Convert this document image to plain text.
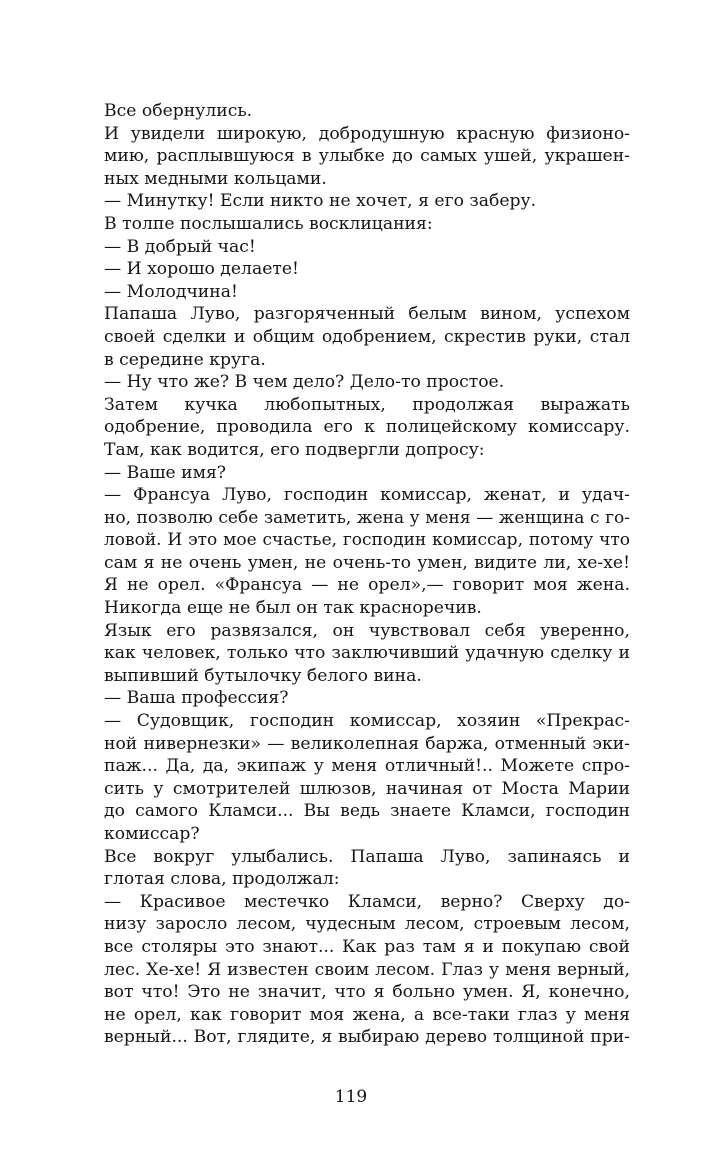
Все обернулись.
И увидели широкую, добродушную красную физионо-
мию, расплывшуюся в улыбке до самых ушей, украшен-
ных медными кольцами.
— Минутку! Если никто не хочет, я его заберу.
В толпе послышались восклицания:
— В добрый час!
— И хорошо делаете!
— Молодчина!
Папаша Луво, разгоряченный белым вином, успехом
своей сделки и общим одобрением, скрестив руки, стал
в середине круга.
— Ну что же? В чем дело? Дело-то простое.
Затем кучка любопытных, продолжая выражать
одобрение, проводила его к полицейскому комиссару.
Там, как водится, его подвергли допросу:
— Ваше имя?
— Франсуа Луво, господин комиссар, женат, и удач-
но, позволю себе заметить, жена у меня — женщина с го-
ловой. И это мое счастье, господин комиссар, потому что
сам я не очень умен, не очень-то умен, видите ли, хе-хе!
Я не орел. «Франсуа — не орел»,— говорит моя жена.
Никогда еще не был он так красноречив.
Язык его развязался, он чувствовал себя уверенно,
как человек, только что заключивший удачную сделку и
выпивший бутылочку белого вина.
— Ваша профессия?
— Судовщик, господин комиссар, хозяин «Прекрас-
ной нивернезки» — великолепная баржа, отменный эки-
паж... Да, да, экипаж у меня отличный!.. Можете спро-
сить у смотрителей шлюзов, начиная от Моста Марии
до самого Кламси... Вы ведь знаете Кламси, господин
комиссар?
Все вокруг улыбались. Папаша Луво, запинаясь и
глотая слова, продолжал:
— Красивое местечко Кламси, верно? Сверху до-
низу заросло лесом, чудесным лесом, строевым лесом,
все столяры это знают... Как раз там я и покупаю свой
лес. Хе-хе! Я известен своим лесом. Глаз у меня верный,
вот что! Это не значит, что я больно умен. Я, конечно,
не орел, как говорит моя жена, а все-таки глаз у меня
верный... Вот, глядите, я выбираю дерево толщиной при-
119
